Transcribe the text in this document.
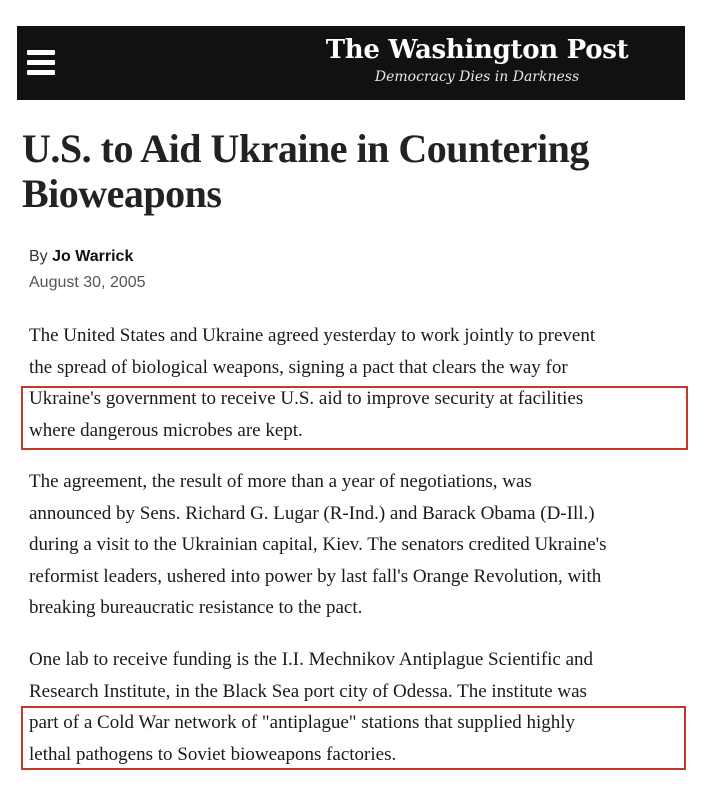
The Washington Post
Democracy Dies in Darkness
U.S. to Aid Ukraine in Countering Bioweapons
By Jo Warrick
August 30, 2005

The United States and Ukraine agreed yesterday to work jointly to prevent
the spread of biological weapons, signing a pact that clears the way for
Ukraine's government to receive U.S. aid to improve security at facilities
where dangerous microbes are kept.

The agreement, the result of more than a year of negotiations, was
announced by Sens. Richard G. Lugar (R-Ind.) and Barack Obama (D-Ill.)
during a visit to the Ukrainian capital, Kiev. The senators credited Ukraine's
reformist leaders, ushered into power by last fall's Orange Revolution, with
breaking bureaucratic resistance to the pact.

One lab to receive funding is the I.I. Mechnikov Antiplague Scientific and
Research Institute, in the Black Sea port city of Odessa. The institute was
part of a Cold War network of "antiplague" stations that supplied highly
lethal pathogens to Soviet bioweapons factories.
